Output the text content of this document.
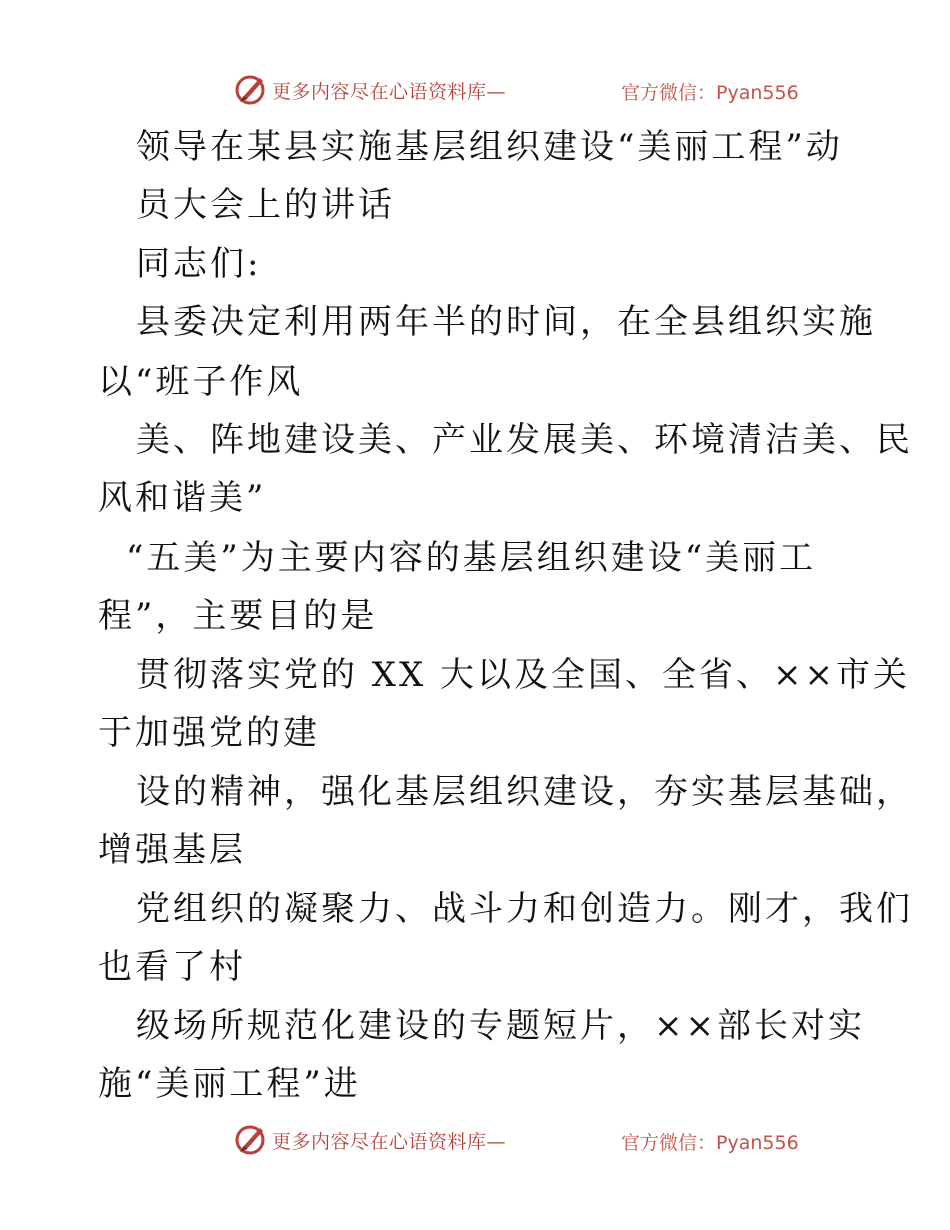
更多内容尽在心语资料库—	官方微信：Pyan556
领导在某县实施基层组织建设“美丽工程”动
员大会上的讲话
同志们:
县委决定利用两年半的时间，在全县组织实施
以“班子作风
美、阵地建设美、产业发展美、环境清洁美、民
风和谐美”
“五美”为主要内容的基层组织建设“美丽工
程”，主要目的是
贯彻落实党的 XX 大以及全国、全省、××市关
于加强党的建
设的精神，强化基层组织建设，夯实基层基础，
增强基层
党组织的凝聚力、战斗力和创造力。刚才，我们
也看了村
级场所规范化建设的专题短片，××部长对实
施“美丽工程”进
更多内容尽在心语资料库—	官方微信：Pyan556
